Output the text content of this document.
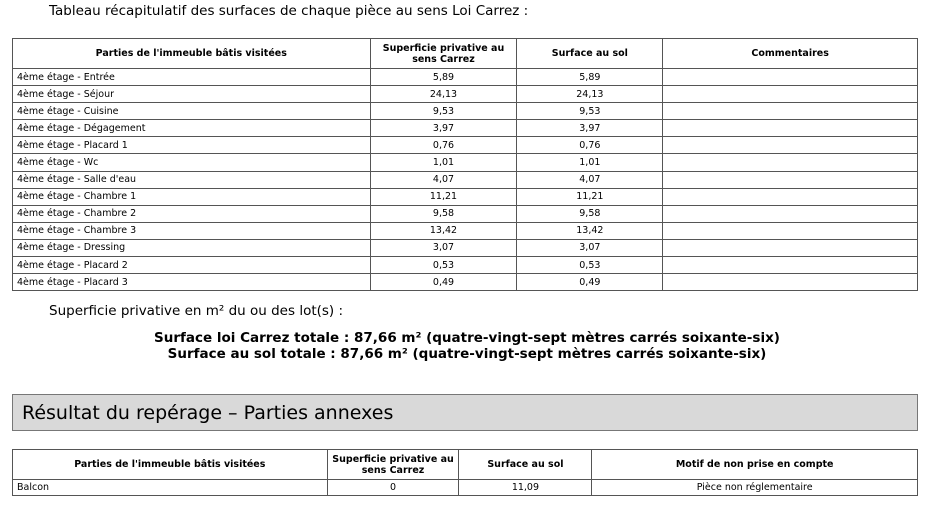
Tableau récapitulatif des surfaces de chaque pièce au sens Loi Carrez :
Parties de l'immeuble bâtis visitées	Superficie privative au sens Carrez	Surface au sol	Commentaires
4ème étage - Entrée	5,89	5,89	
4ème étage - Séjour	24,13	24,13	
4ème étage - Cuisine	9,53	9,53	
4ème étage - Dégagement	3,97	3,97	
4ème étage - Placard 1	0,76	0,76	
4ème étage - Wc	1,01	1,01	
4ème étage - Salle d'eau	4,07	4,07	
4ème étage - Chambre 1	11,21	11,21	
4ème étage - Chambre 2	9,58	9,58	
4ème étage - Chambre 3	13,42	13,42	
4ème étage - Dressing	3,07	3,07	
4ème étage - Placard 2	0,53	0,53	
4ème étage - Placard 3	0,49	0,49	
Superficie privative en m² du ou des lot(s) :
Surface loi Carrez totale : 87,66 m² (quatre-vingt-sept mètres carrés soixante-six)
Surface au sol totale : 87,66 m² (quatre-vingt-sept mètres carrés soixante-six)
Résultat du repérage – Parties annexes
Parties de l'immeuble bâtis visitées	Superficie privative au sens Carrez	Surface au sol	Motif de non prise en compte
Balcon	0	11,09	Pièce non réglementaire
